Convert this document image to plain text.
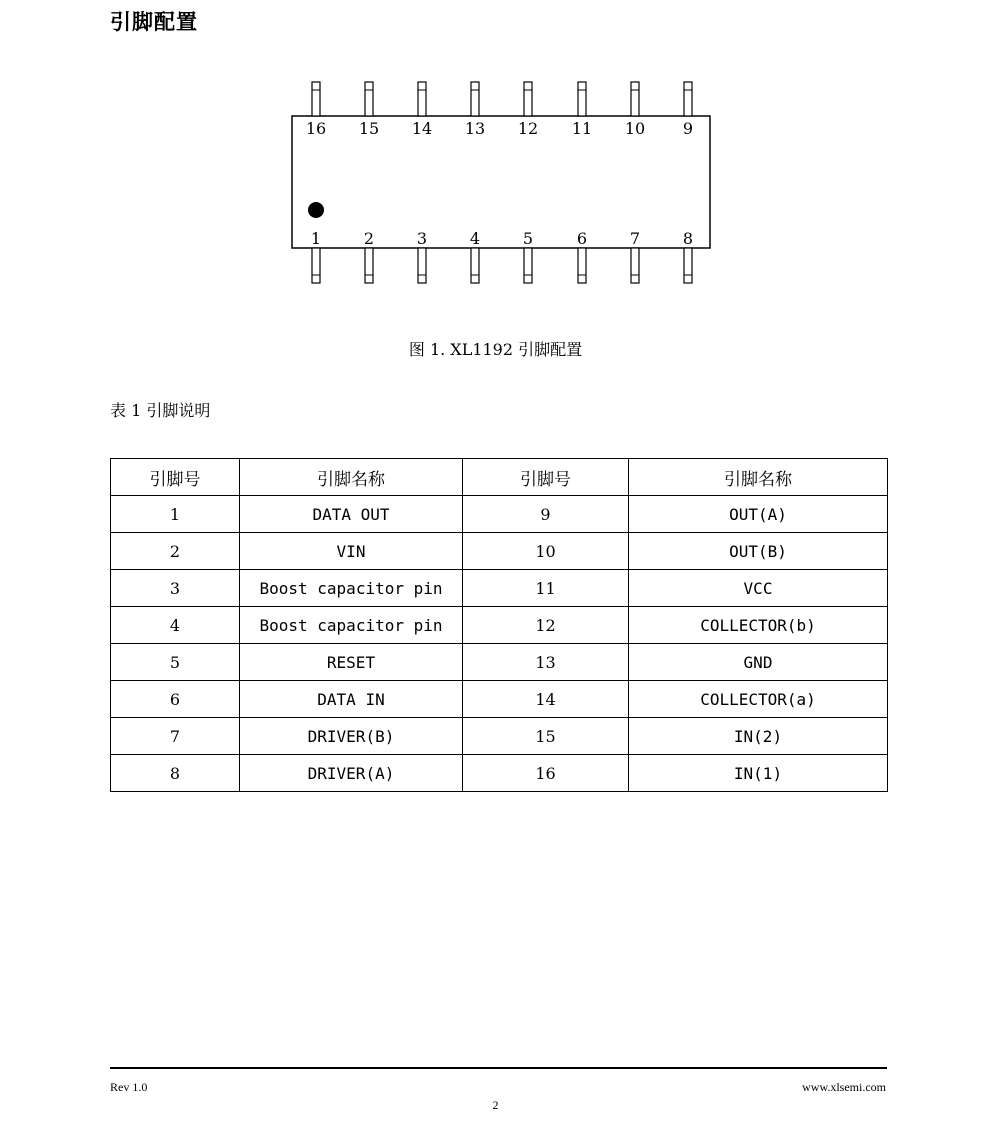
引脚配置
16 15 14 13 12 11 10 9
1	2	3	4	5	6	7	8
图 1. XL1192 引脚配置
表 1 引脚说明
引脚号	引脚名称	引脚号	引脚名称
1	DATA OUT	9	OUT(A)
2	VIN	10	OUT(B)
3	Boost capacitor pin	11	VCC
4	Boost capacitor pin	12	COLLECTOR(b)
5	RESET	13	GND
6	DATA IN	14	COLLECTOR(a)
7	DRIVER(B)	15	IN(2)
8	DRIVER(A)	16	IN(1)
Rev 1.0	www.xlsemi.com
2
